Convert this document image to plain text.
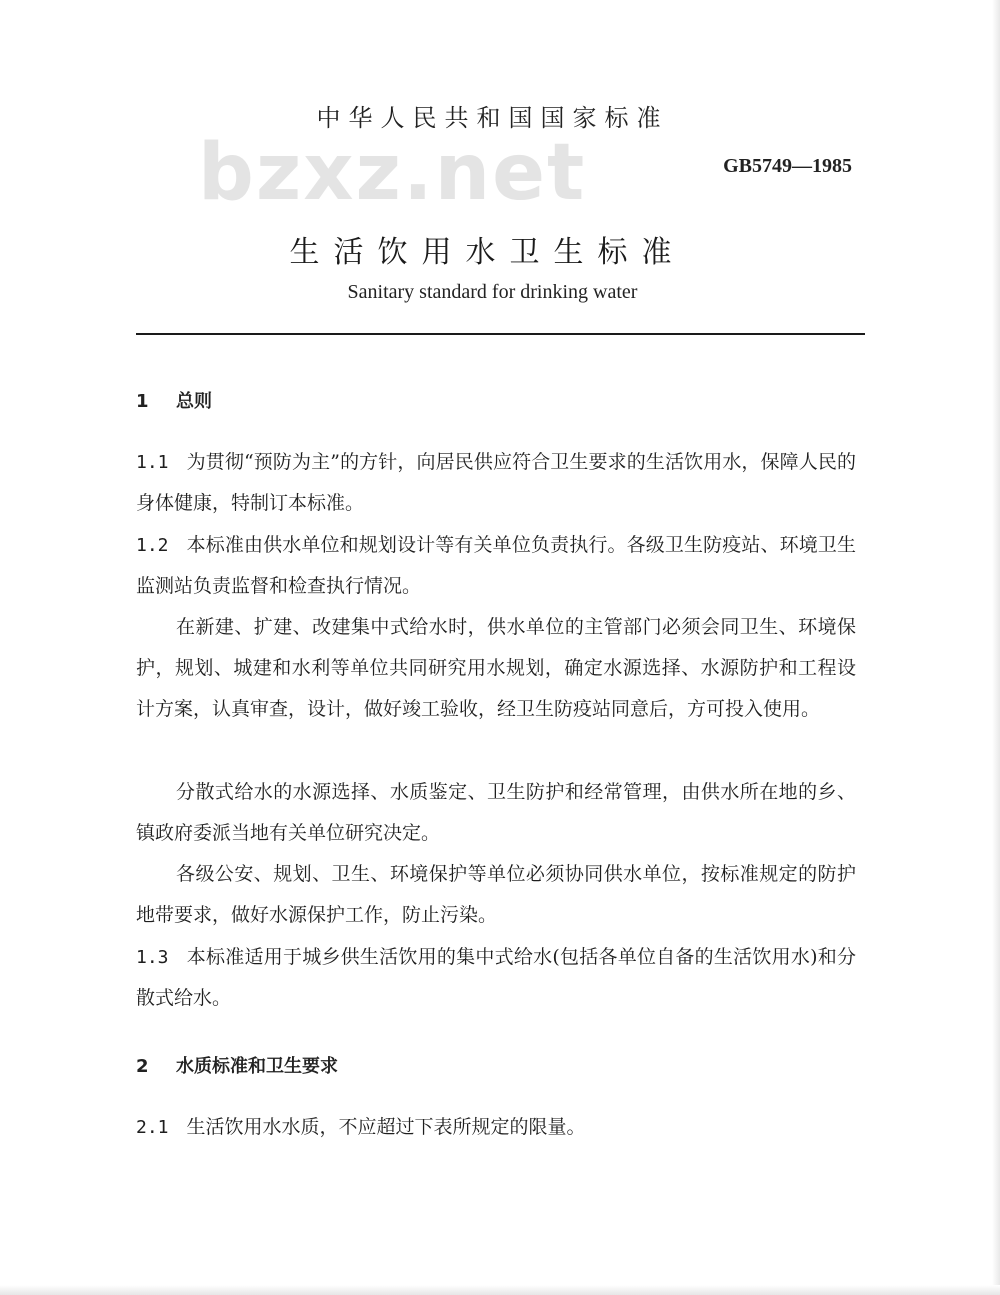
bzxz.net
中华人民共和国国家标准
GB5749—1985
生活饮用水卫生标准
Sanitary standard for drinking water
1 总则
1.1 为贯彻“预防为主”的方针，向居民供应符合卫生要求的生活饮用水，保障人民的身体健康，特制订本标准。
1.2 本标准由供水单位和规划设计等有关单位负责执行。各级卫生防疫站、环境卫生监测站负责监督和检查执行情况。
在新建、扩建、改建集中式给水时，供水单位的主管部门必须会同卫生、环境保护，规划、城建和水利等单位共同研究用水规划，确定水源选择、水源防护和工程设计方案，认真审查，设计，做好竣工验收，经卫生防疫站同意后，方可投入使用。
分散式给水的水源选择、水质鉴定、卫生防护和经常管理，由供水所在地的乡、镇政府委派当地有关单位研究决定。
各级公安、规划、卫生、环境保护等单位必须协同供水单位，按标准规定的防护地带要求，做好水源保护工作，防止污染。
1.3 本标准适用于城乡供生活饮用的集中式给水(包括各单位自备的生活饮用水)和分散式给水。
2 水质标准和卫生要求
2.1 生活饮用水水质，不应超过下表所规定的限量。
